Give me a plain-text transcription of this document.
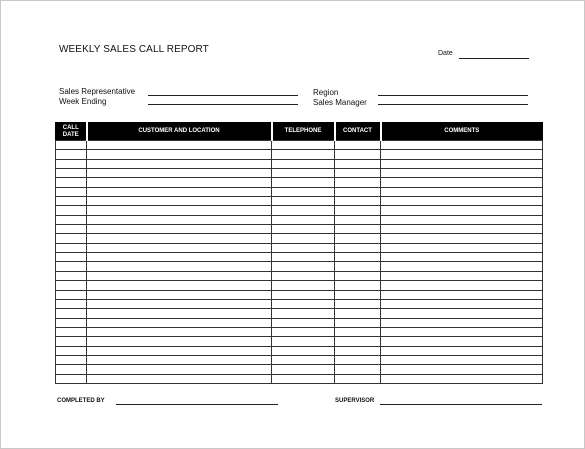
WEEKLY SALES CALL REPORT	Date
Sales Representative
Week Ending
Region
Sales Manager
CALL DATE	CUSTOMER AND LOCATION	TELEPHONE	CONTACT	COMMENTS

COMPLETED BY	SUPERVISOR
